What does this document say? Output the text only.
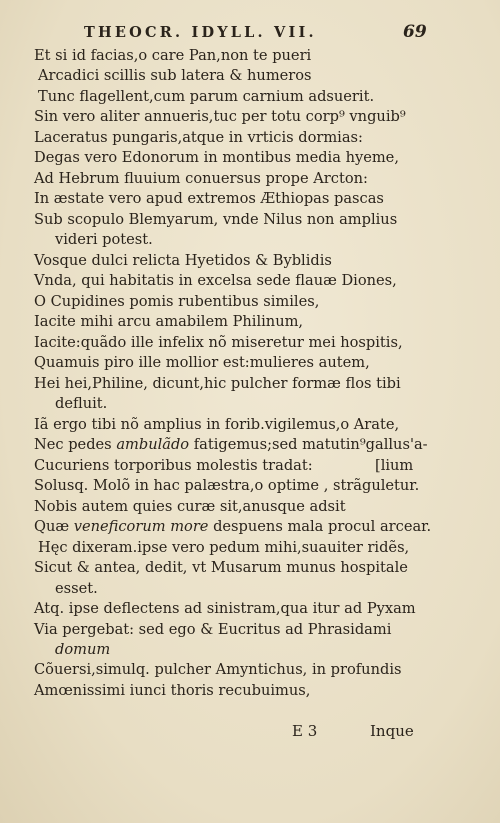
THEOCR. IDYLL. VII.	69
Et si id facias,o care Pan,non te pueri
Arcadici scillis sub latera & humeros
Tunc flagellent,cum parum carnium adsuerit.
Sin vero aliter annueris,tuc per totu corp⁹ vnguib⁹
Laceratus pungaris,atque in vrticis dormias:
Degas vero Edonorum in montibus media hyeme,
Ad Hebrum fluuium conuersus prope Arcton:
In æstate vero apud extremos Æthiopas pascas
Sub scopulo Blemyarum, vnde Nilus non amplius
videri potest.
Vosque dulci relicta Hyetidos & Byblidis
Vnda, qui habitatis in excelsa sede flauæ Diones,
O Cupidines pomis rubentibus similes,
Iacite mihi arcu amabilem Philinum,
Iacite:quãdo ille infelix nõ miseretur mei hospitis,
Quamuis piro ille mollior est:mulieres autem,
Hei hei,Philine, dicunt,hic pulcher formæ flos tibi
defluit.
Iã ergo tibi nõ amplius in forib.vigilemus,o Arate,
Nec pedes ambulãdo fatigemus;sed matutin⁹gallus'a-
Cucuriens torporibus molestis tradat:	[lium
Solusq. Molõ in hac palæstra,o optime , strãguletur.
Nobis autem quies curæ sit,anusque adsit
Quæ veneficorum more despuens mala procul arcear.
Hęc dixeram.ipse vero pedum mihi,suauiter ridẽs,
Sicut & antea, dedit, vt Musarum munus hospitale
esset.
Atq. ipse deflectens ad sinistram,qua itur ad Pyxam
Via pergebat: sed ego & Eucritus ad Phrasidami
domum
Cõuersi,simulq. pulcher Amyntichus, in profundis
Amœnissimi iunci thoris recubuimus,
E 3	Inque
